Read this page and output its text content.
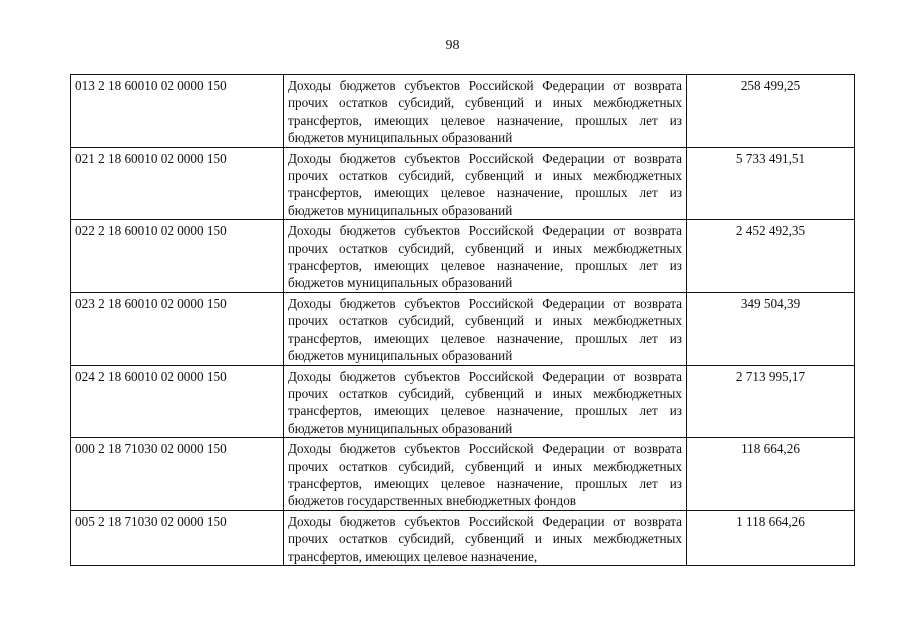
98
013 2 18 60010 02 0000 150	Доходы бюджетов субъектов Российской Федерации от возврата прочих остатков субсидий, субвенций и иных межбюджетных трансфертов, имеющих целевое назначение, прошлых лет из бюджетов муниципальных образований	258 499,25
021 2 18 60010 02 0000 150	Доходы бюджетов субъектов Российской Федерации от возврата прочих остатков субсидий, субвенций и иных межбюджетных трансфертов, имеющих целевое назначение, прошлых лет из бюджетов муниципальных образований	5 733 491,51
022 2 18 60010 02 0000 150	Доходы бюджетов субъектов Российской Федерации от возврата прочих остатков субсидий, субвенций и иных межбюджетных трансфертов, имеющих целевое назначение, прошлых лет из бюджетов муниципальных образований	2 452 492,35
023 2 18 60010 02 0000 150	Доходы бюджетов субъектов Российской Федерации от возврата прочих остатков субсидий, субвенций и иных межбюджетных трансфертов, имеющих целевое назначение, прошлых лет из бюджетов муниципальных образований	349 504,39
024 2 18 60010 02 0000 150	Доходы бюджетов субъектов Российской Федерации от возврата прочих остатков субсидий, субвенций и иных межбюджетных трансфертов, имеющих целевое назначение, прошлых лет из бюджетов муниципальных образований	2 713 995,17
000 2 18 71030 02 0000 150	Доходы бюджетов субъектов Российской Федерации от возврата прочих остатков субсидий, субвенций и иных межбюджетных трансфертов, имеющих целевое назначение, прошлых лет из бюджетов государственных внебюджетных фондов	118 664,26
005 2 18 71030 02 0000 150	Доходы бюджетов субъектов Российской Федерации от возврата прочих остатков субсидий, субвенций и иных межбюджетных трансфертов, имеющих целевое назначение,	1 118 664,26
